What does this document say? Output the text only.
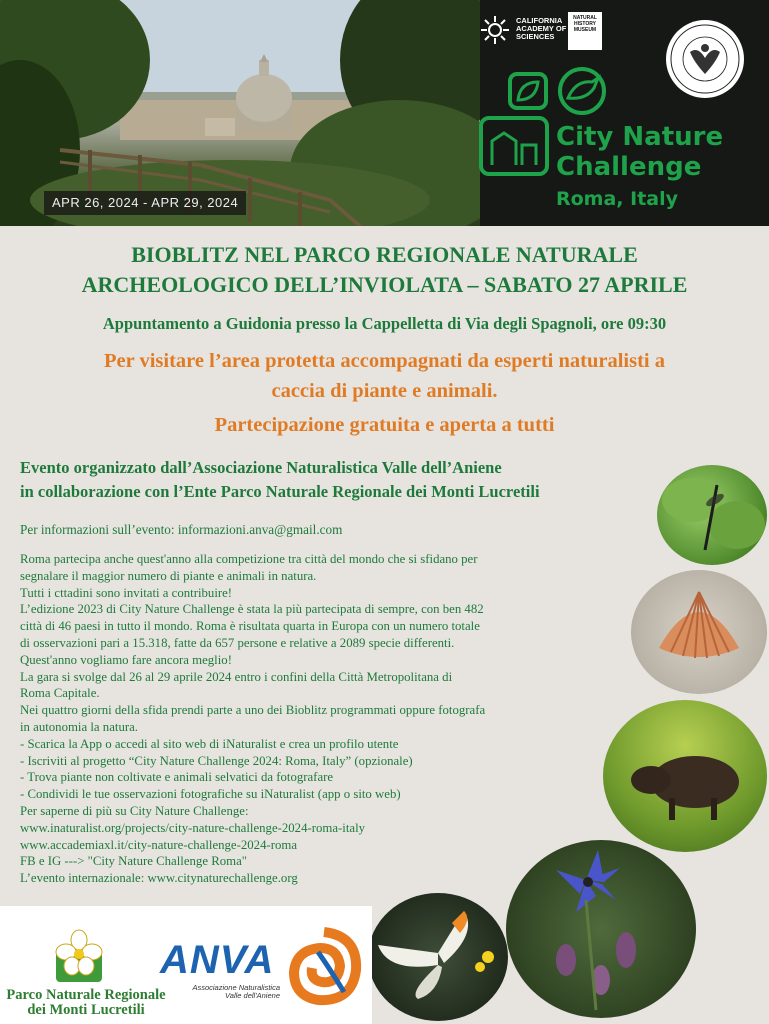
APR 26, 2024 - APR 29, 2024
CALIFORNIA
ACADEMY OF
SCIENCES
NATURAL
HISTORY
MUSEUM
City Nature
Challenge
Roma, Italy
BIOBLITZ NEL PARCO REGIONALE NATURALE
ARCHEOLOGICO DELL’INVIOLATA – SABATO 27 APRILE
Appuntamento a Guidonia presso la Cappelletta di Via degli Spagnoli, ore 09:30
Per visitare l’area protetta accompagnati da esperti naturalisti a
caccia di piante e animali.
Partecipazione gratuita e aperta a tutti
Evento organizzato dall’Associazione Naturalistica Valle dell’Aniene
in collaborazione con l’Ente Parco Naturale Regionale dei Monti Lucretili
Per informazioni sull’evento: informazioni.anva@gmail.com
Roma partecipa anche quest'anno alla competizione tra città del mondo che si sfidano per
segnalare il maggior numero di piante e animali in natura.
Tutti i cttadini sono invitati a contribuire!
L’edizione 2023 di City Nature Challenge è stata la più partecipata di sempre, con ben 482
città di 46 paesi in tutto il mondo. Roma è risultata quarta in Europa con un numero totale
di osservazioni pari a 15.318, fatte da 657 persone e relative a 2089 specie differenti.
Quest'anno vogliamo fare ancora meglio!
La gara si svolge dal 26 al 29 aprile 2024 entro i confini della Città Metropolitana di
Roma Capitale.
Nei quattro giorni della sfida prendi parte a uno dei Bioblitz programmati oppure fotografa
in autonomia la natura.
- Scarica la App o accedi al sito web di iNaturalist e crea un profilo utente
- Iscriviti al progetto “City Nature Challenge 2024: Roma, Italy” (opzionale)
- Trova piante non coltivate e animali selvatici da fotografare
- Condividi le tue osservazioni fotografiche su iNaturalist (app o sito web)
Per saperne di più su City Nature Challenge:
www.inaturalist.org/projects/city-nature-challenge-2024-roma-italy
www.accademiaxl.it/city-nature-challenge-2024-roma
FB e IG ---> "City Nature Challenge Roma"
L’evento internazionale: www.citynaturechallenge.org
Parco Naturale Regionale
dei Monti Lucretili
ANVA
Associazione Naturalistica
Valle dell'Aniene
